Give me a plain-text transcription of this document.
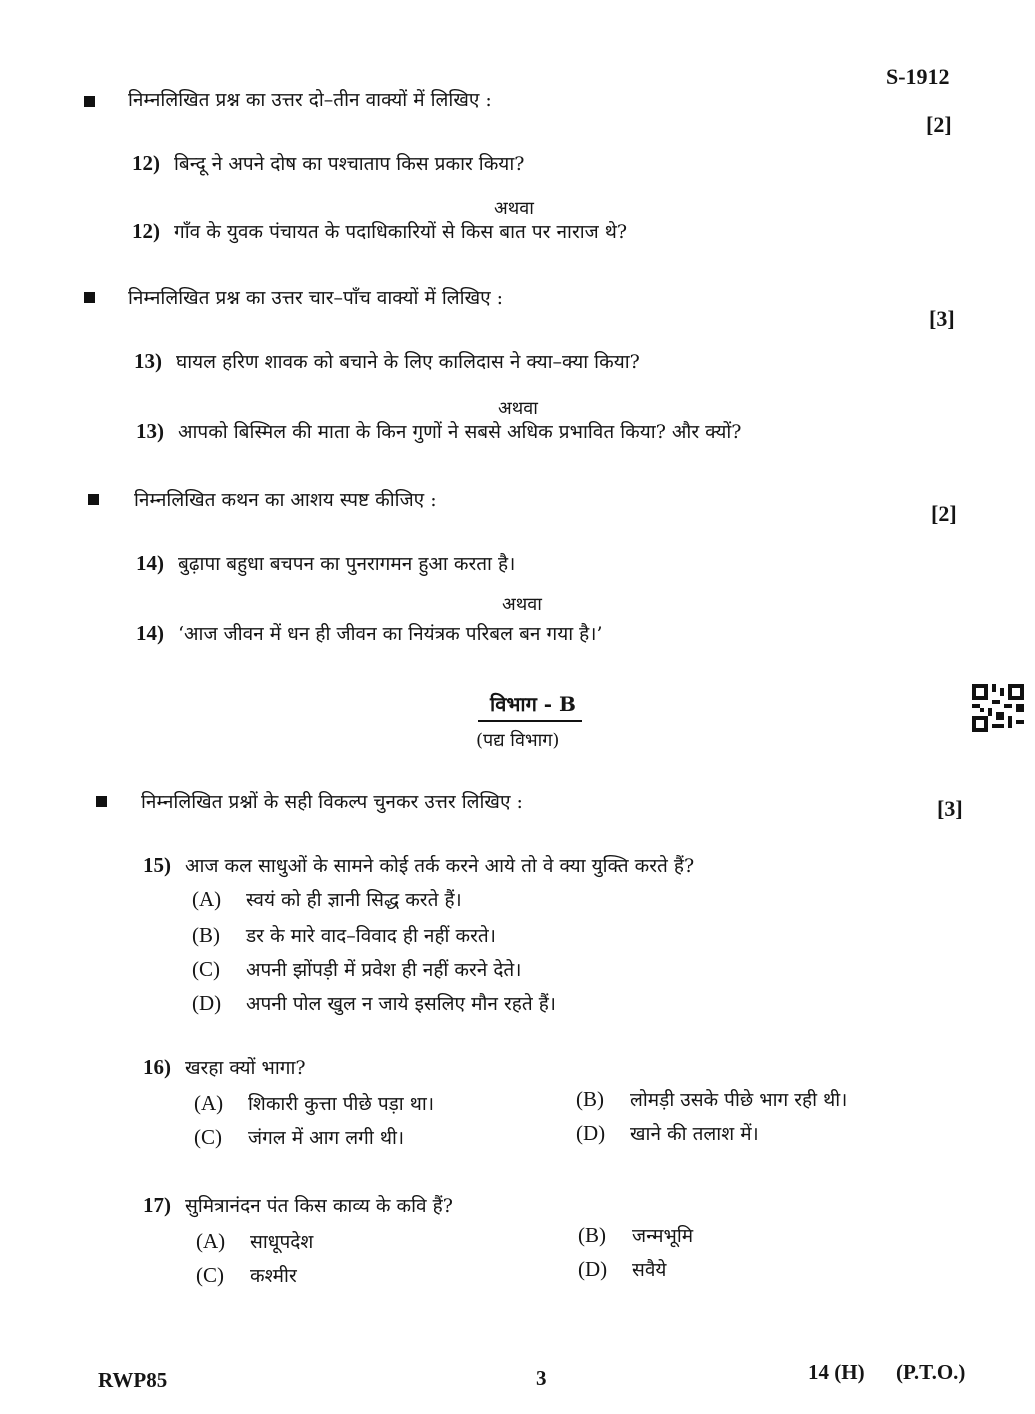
S-1912
निम्नलिखित प्रश्न का उत्तर दो–तीन वाक्यों में लिखिए :
[2]
12) बिन्दू ने अपने दोष का पश्चाताप किस प्रकार किया?
अथवा
12) गाँव के युवक पंचायत के पदाधिकारियों से किस बात पर नाराज थे?
निम्नलिखित प्रश्न का उत्तर चार–पाँच वाक्यों में लिखिए :
[3]
13) घायल हरिण शावक को बचाने के लिए कालिदास ने क्या–क्या किया?
अथवा
13) आपको बिस्मिल की माता के किन गुणों ने सबसे अधिक प्रभावित किया? और क्यों?
निम्नलिखित कथन का आशय स्पष्ट कीजिए :
[2]
14) बुढ़ापा बहुधा बचपन का पुनरागमन हुआ करता है।
अथवा
14) ‘आज जीवन में धन ही जीवन का नियंत्रक परिबल बन गया है।’
विभाग - B
(पद्य विभाग)
निम्नलिखित प्रश्नों के सही विकल्प चुनकर उत्तर लिखिए :	[3]
15) आज कल साधुओं के सामने कोई तर्क करने आये तो वे क्या युक्ति करते हैं?
(A) स्वयं को ही ज्ञानी सिद्ध करते हैं।
(B) डर के मारे वाद–विवाद ही नहीं करते।
(C) अपनी झोंपड़ी में प्रवेश ही नहीं करने देते।
(D) अपनी पोल खुल न जाये इसलिए मौन रहते हैं।
16) खरहा क्यों भागा?
(A) शिकारी कुत्ता पीछे पड़ा था।	(B) लोमड़ी उसके पीछे भाग रही थी।
(C) जंगल में आग लगी थी।	(D) खाने की तलाश में।
17) सुमित्रानंदन पंत किस काव्य के कवि हैं?
(A) साधूपदेश	(B) जन्मभूमि
(C) कश्मीर	(D) सवैये
RWP85	3	14 (H) (P.T.O.)
